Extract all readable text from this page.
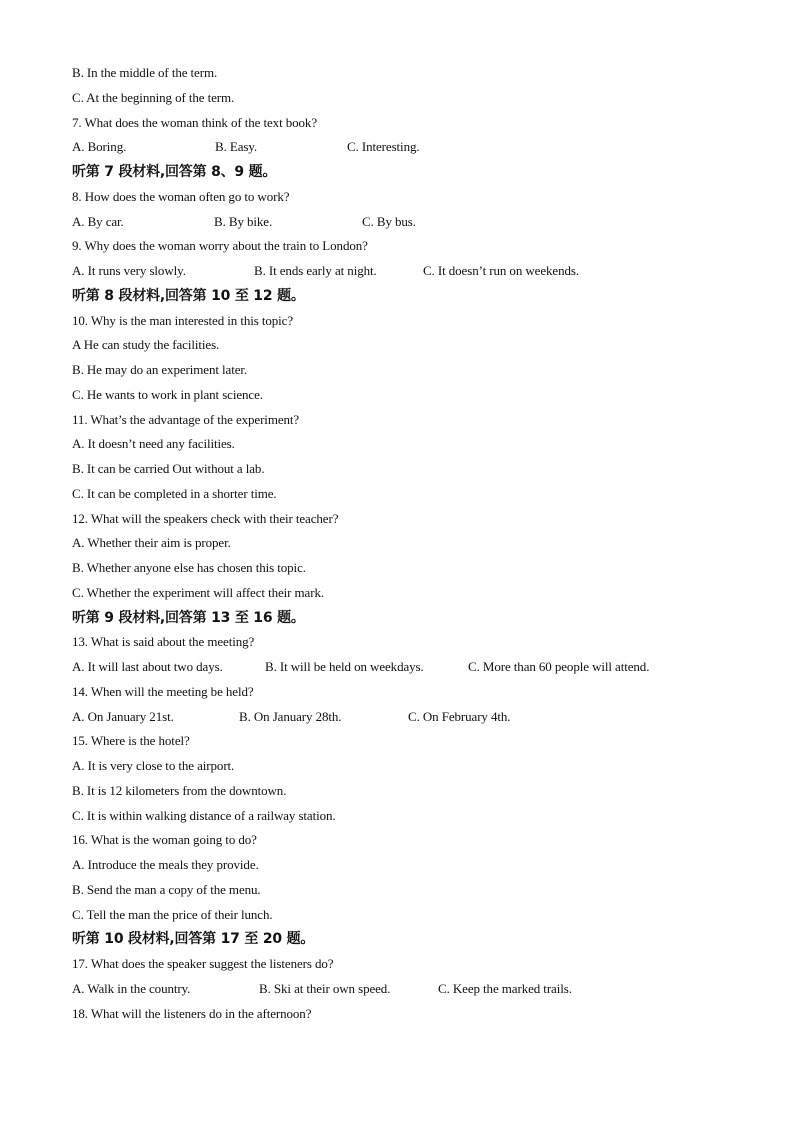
B. In the middle of the term.
C. At the beginning of the term.
7. What does the woman think of the text book?
A. Boring.	B. Easy.	C. Interesting.
听第 7 段材料,回答第 8、9 题。
8. How does the woman often go to work?
A. By car.	B. By bike.	C. By bus.
9. Why does the woman worry about the train to London?
A. It runs very slowly.	B. It ends early at night.	C. It doesn’t run on weekends.
听第 8 段材料,回答第 10 至 12 题。
10. Why is the man interested in this topic?
A He can study the facilities.
B. He may do an experiment later.
C. He wants to work in plant science.
11. What’s the advantage of the experiment?
A. It doesn’t need any facilities.
B. It can be carried Out without a lab.
C. It can be completed in a shorter time.
12. What will the speakers check with their teacher?
A. Whether their aim is proper.
B. Whether anyone else has chosen this topic.
C. Whether the experiment will affect their mark.
听第 9 段材料,回答第 13 至 16 题。
13. What is said about the meeting?
A. It will last about two days.	B. It will be held on weekdays.	C. More than 60 people will attend.
14. When will the meeting be held?
A. On January 21st.	B. On January 28th.	C. On February 4th.
15. Where is the hotel?
A. It is very close to the airport.
B. It is 12 kilometers from the downtown.
C. It is within walking distance of a railway station.
16. What is the woman going to do?
A. Introduce the meals they provide.
B. Send the man a copy of the menu.
C. Tell the man the price of their lunch.
听第 10 段材料,回答第 17 至 20 题。
17. What does the speaker suggest the listeners do?
A. Walk in the country.	B. Ski at their own speed.	C. Keep the marked trails.
18. What will the listeners do in the afternoon?
